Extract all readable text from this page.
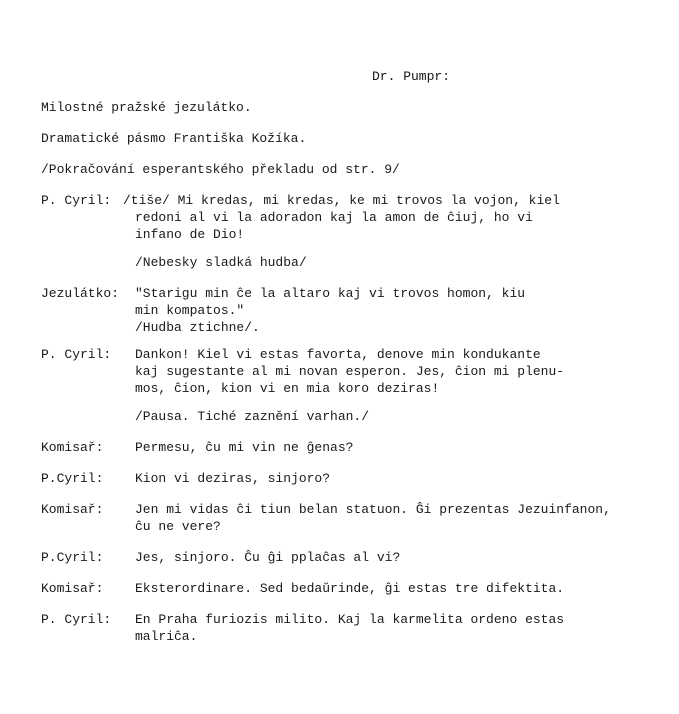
Dr. Pumpr:
Milostné pražské jezulátko.
Dramatické pásmo Františka Kožíka.
/Pokračování esperantského překladu od str. 9/
P. Cyril: /tiše/ Mi kredas, mi kredas, ke mi trovos la vojon, kiel
redoni al vi la adoradon kaj la amon de ĉiuj, ho vi
infano de Dio!
/Nebesky sladká hudba/
Jezulátko: "Starigu min ĉe la altaro kaj vi trovos homon, kiu
min kompatos."
/Hudba ztichne/.
P. Cyril: Dankon! Kiel vi estas favorta, denove min kondukante
kaj sugestante al mi novan esperon. Jes, ĉion mi plenu-
mos, ĉion, kion vi en mia koro deziras!
/Pausa. Tiché zaznění varhan./
Komisař: Permesu, ĉu mi vin ne ĝenas?
P.Cyril: Kion vi deziras, sinjoro?
Komisař: Jen mi vidas ĉi tiun belan statuon. Ĝi prezentas Jezuinfanon,
ĉu ne vere?
P.Cyril: Jes, sinjoro. Ĉu ĝi pplaĉas al vi?
Komisař: Eksterordinare. Sed bedaŭrinde, ĝi estas tre difektita.
P. Cyril: En Praha furiozis milito. Kaj la karmelita ordeno estas
malriĉa.
